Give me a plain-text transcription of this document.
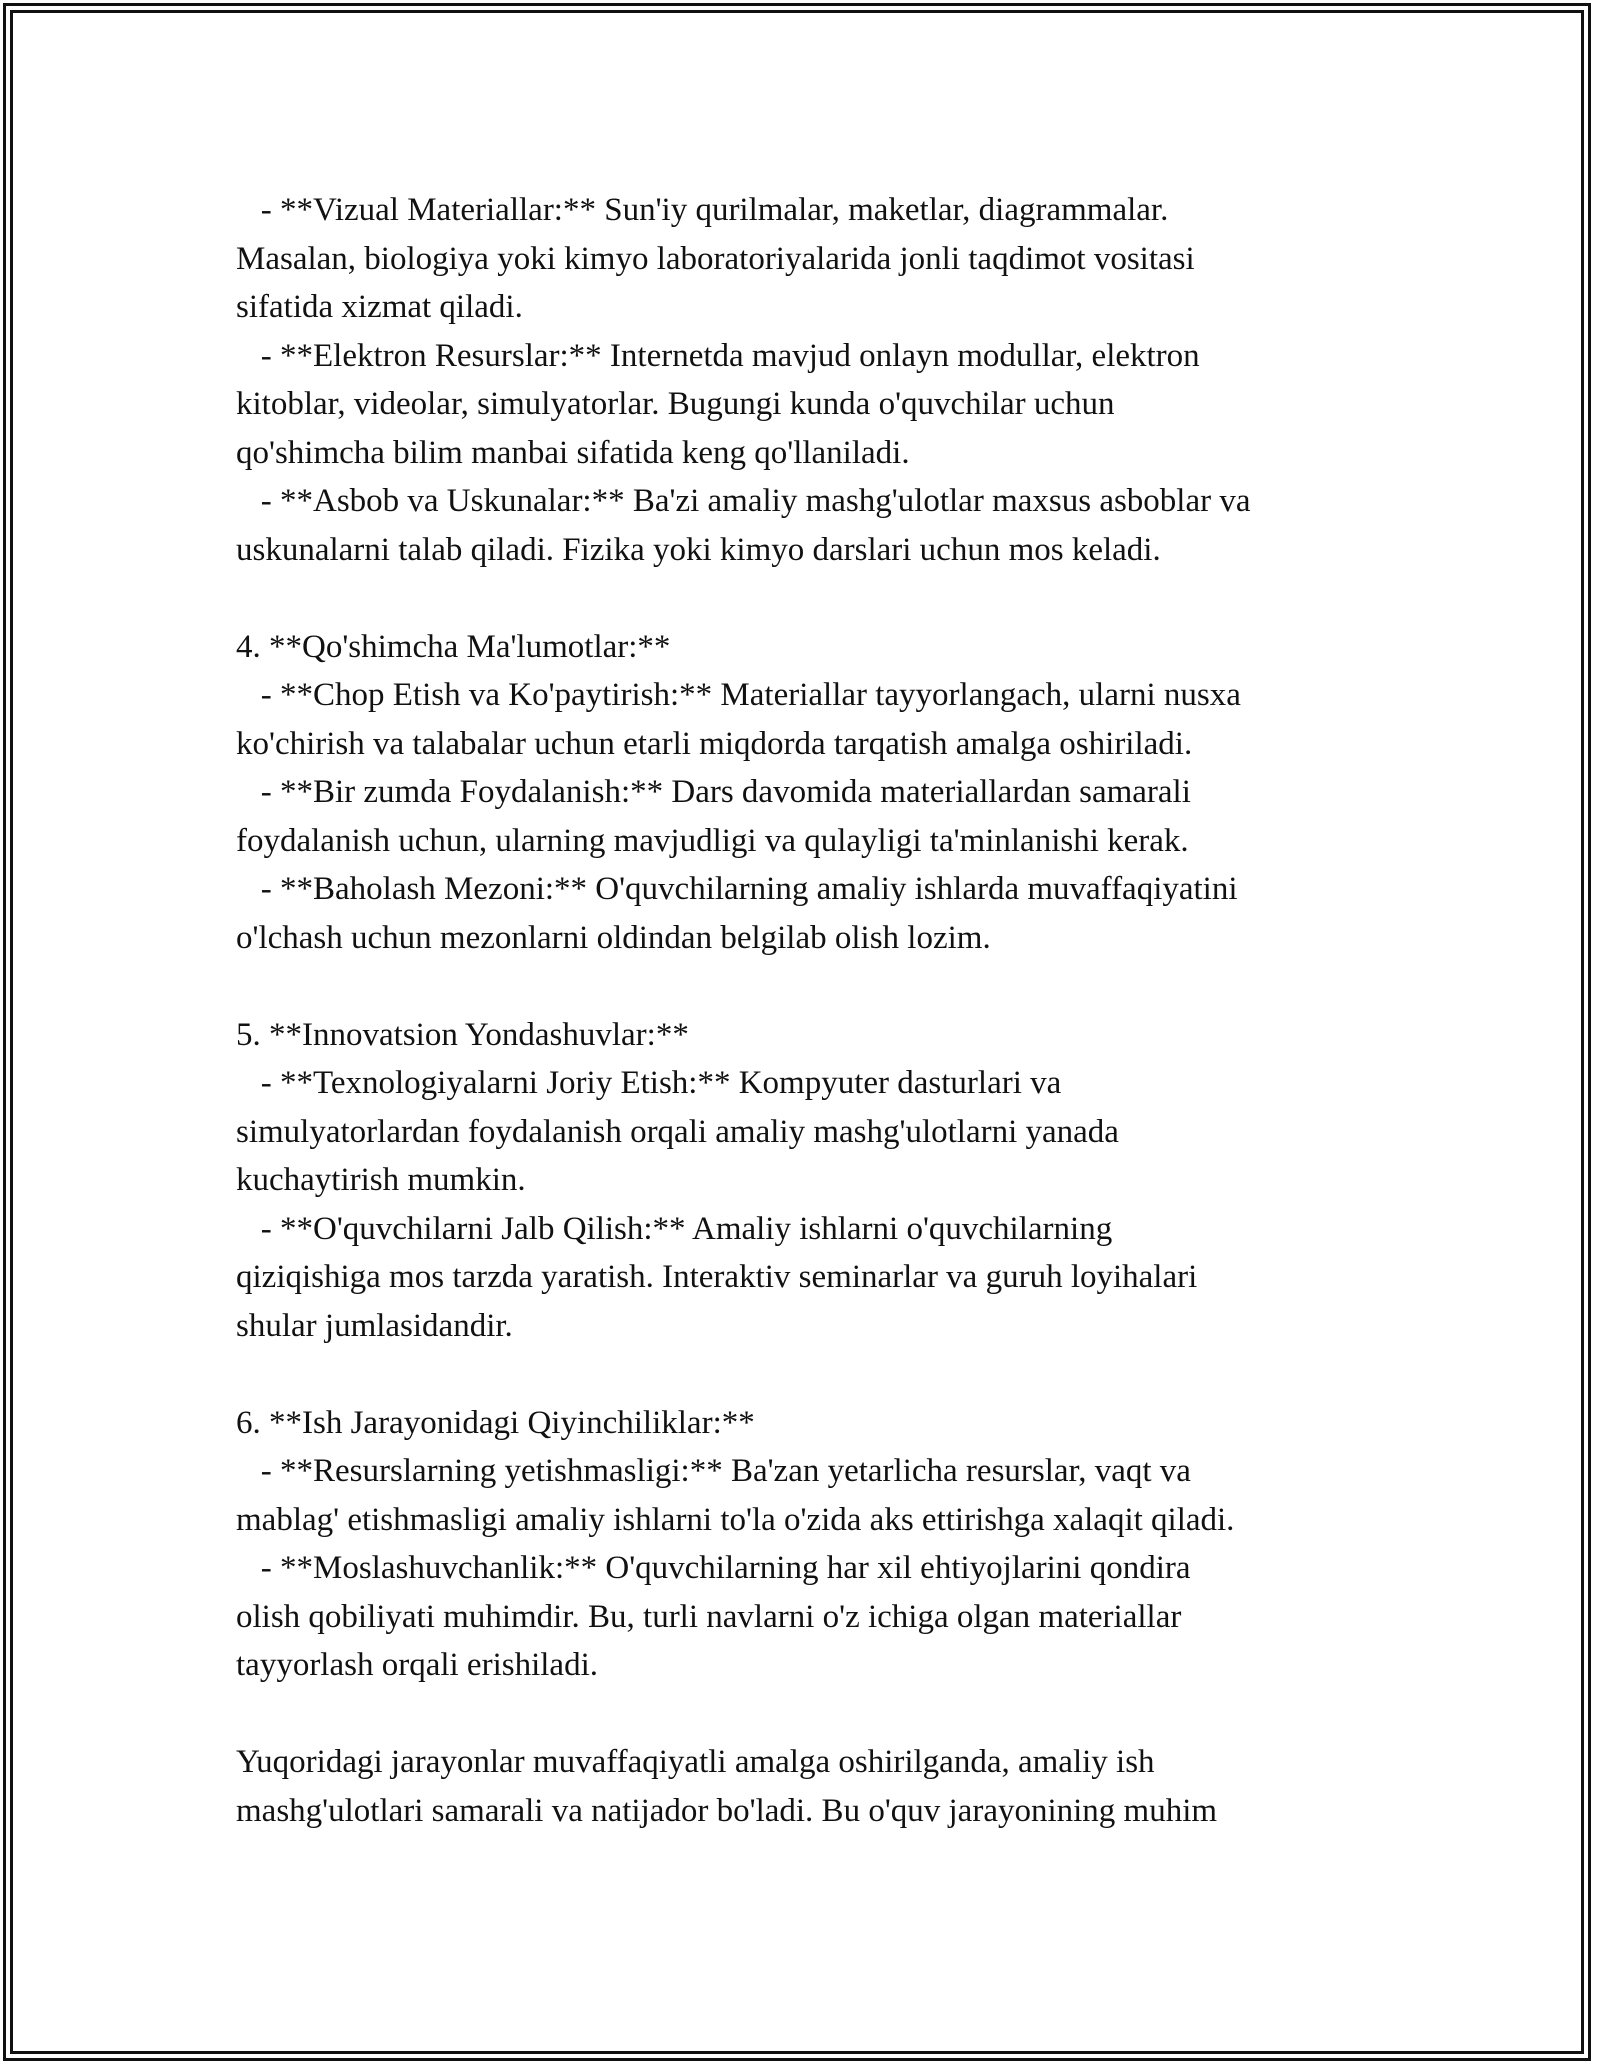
- **Vizual Materiallar:** Sun'iy qurilmalar, maketlar, diagrammalar.
Masalan, biologiya yoki kimyo laboratoriyalarida jonli taqdimot vositasi
sifatida xizmat qiladi.
- **Elektron Resurslar:** Internetda mavjud onlayn modullar, elektron
kitoblar, videolar, simulyatorlar. Bugungi kunda o'quvchilar uchun
qo'shimcha bilim manbai sifatida keng qo'llaniladi.
- **Asbob va Uskunalar:** Ba'zi amaliy mashg'ulotlar maxsus asboblar va
uskunalarni talab qiladi. Fizika yoki kimyo darslari uchun mos keladi.
4. **Qo'shimcha Ma'lumotlar:**
- **Chop Etish va Ko'paytirish:** Materiallar tayyorlangach, ularni nusxa
ko'chirish va talabalar uchun etarli miqdorda tarqatish amalga oshiriladi.
- **Bir zumda Foydalanish:** Dars davomida materiallardan samarali
foydalanish uchun, ularning mavjudligi va qulayligi ta'minlanishi kerak.
- **Baholash Mezoni:** O'quvchilarning amaliy ishlarda muvaffaqiyatini
o'lchash uchun mezonlarni oldindan belgilab olish lozim.
5. **Innovatsion Yondashuvlar:**
- **Texnologiyalarni Joriy Etish:** Kompyuter dasturlari va
simulyatorlardan foydalanish orqali amaliy mashg'ulotlarni yanada
kuchaytirish mumkin.
- **O'quvchilarni Jalb Qilish:** Amaliy ishlarni o'quvchilarning
qiziqishiga mos tarzda yaratish. Interaktiv seminarlar va guruh loyihalari
shular jumlasidandir.
6. **Ish Jarayonidagi Qiyinchiliklar:**
- **Resurslarning yetishmasligi:** Ba'zan yetarlicha resurslar, vaqt va
mablag' etishmasligi amaliy ishlarni to'la o'zida aks ettirishga xalaqit qiladi.
- **Moslashuvchanlik:** O'quvchilarning har xil ehtiyojlarini qondira
olish qobiliyati muhimdir. Bu, turli navlarni o'z ichiga olgan materiallar
tayyorlash orqali erishiladi.
Yuqoridagi jarayonlar muvaffaqiyatli amalga oshirilganda, amaliy ish
mashg'ulotlari samarali va natijador bo'ladi. Bu o'quv jarayonining muhim
